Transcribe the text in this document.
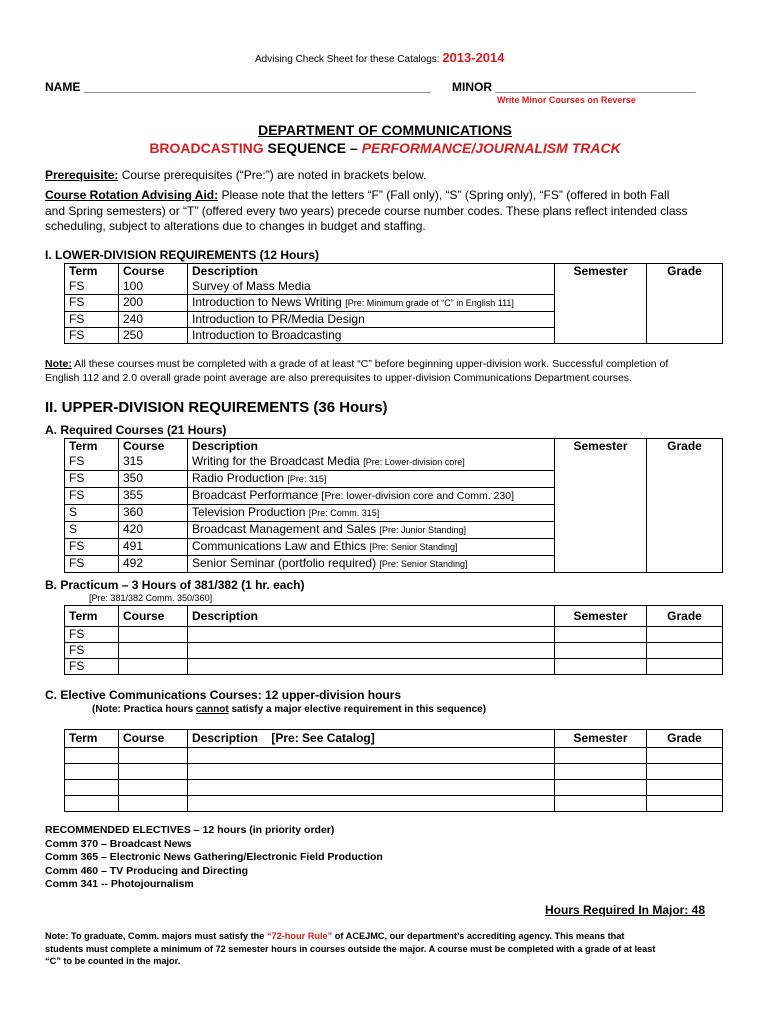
Advising Check Sheet for these Catalogs: 2013-2014
NAME ____________________________________________________ MINOR ______________________________
Write Minor Courses on Reverse
DEPARTMENT OF COMMUNICATIONS
BROADCASTING SEQUENCE – PERFORMANCE/JOURNALISM TRACK
Prerequisite: Course prerequisites (“Pre:”) are noted in brackets below.
Course Rotation Advising Aid: Please note that the letters “F” (Fall only), “S” (Spring only), “FS” (offered in both Fall
and Spring semesters) or “T” (offered every two years) precede course number codes. These plans reflect intended class
scheduling, subject to alterations due to changes in budget and staffing.
I. LOWER-DIVISION REQUIREMENTS (12 Hours)
Term	Course	Description	Semester	Grade
FS	100	Survey of Mass Media		
FS	200	Introduction to News Writing [Pre: Minimum grade of “C” in English 111]		
FS	240	Introduction to PR/Media Design		
FS	250	Introduction to Broadcasting		
Note: All these courses must be completed with a grade of at least “C” before beginning upper-division work. Successful completion of
English 112 and 2.0 overall grade point average are also prerequisites to upper-division Communications Department courses.
II. UPPER-DIVISION REQUIREMENTS (36 Hours)
A. Required Courses (21 Hours)
Term	Course	Description	Semester	Grade
FS	315	Writing for the Broadcast Media [Pre: Lower-division core]		
FS	350	Radio Production [Pre: 315]		
FS	355	Broadcast Performance [Pre: lower-division core and Comm. 230]		
S	360	Television Production [Pre: Comm. 315]		
S	420	Broadcast Management and Sales [Pre: Junior Standing]		
FS	491	Communications Law and Ethics [Pre: Senior Standing]		
FS	492	Senior Seminar (portfolio required) [Pre: Senior Standing]		
B. Practicum – 3 Hours of 381/382 (1 hr. each)
[Pre: 381/382 Comm. 350/360]
Term	Course	Description	Semester	Grade
FS				
FS				
FS				
C. Elective Communications Courses: 12 upper-division hours
(Note: Practica hours cannot satisfy a major elective requirement in this sequence)
Term	Course	Description [Pre: See Catalog]	Semester	Grade

RECOMMENDED ELECTIVES – 12 hours (in priority order)
Comm 370 – Broadcast News
Comm 365 – Electronic News Gathering/Electronic Field Production
Comm 460 – TV Producing and Directing
Comm 341 -- Photojournalism
Hours Required In Major: 48
Note: To graduate, Comm. majors must satisfy the “72-hour Rule” of ACEJMC, our department’s accrediting agency. This means that
students must complete a minimum of 72 semester hours in courses outside the major. A course must be completed with a grade of at least
“C” to be counted in the major.
